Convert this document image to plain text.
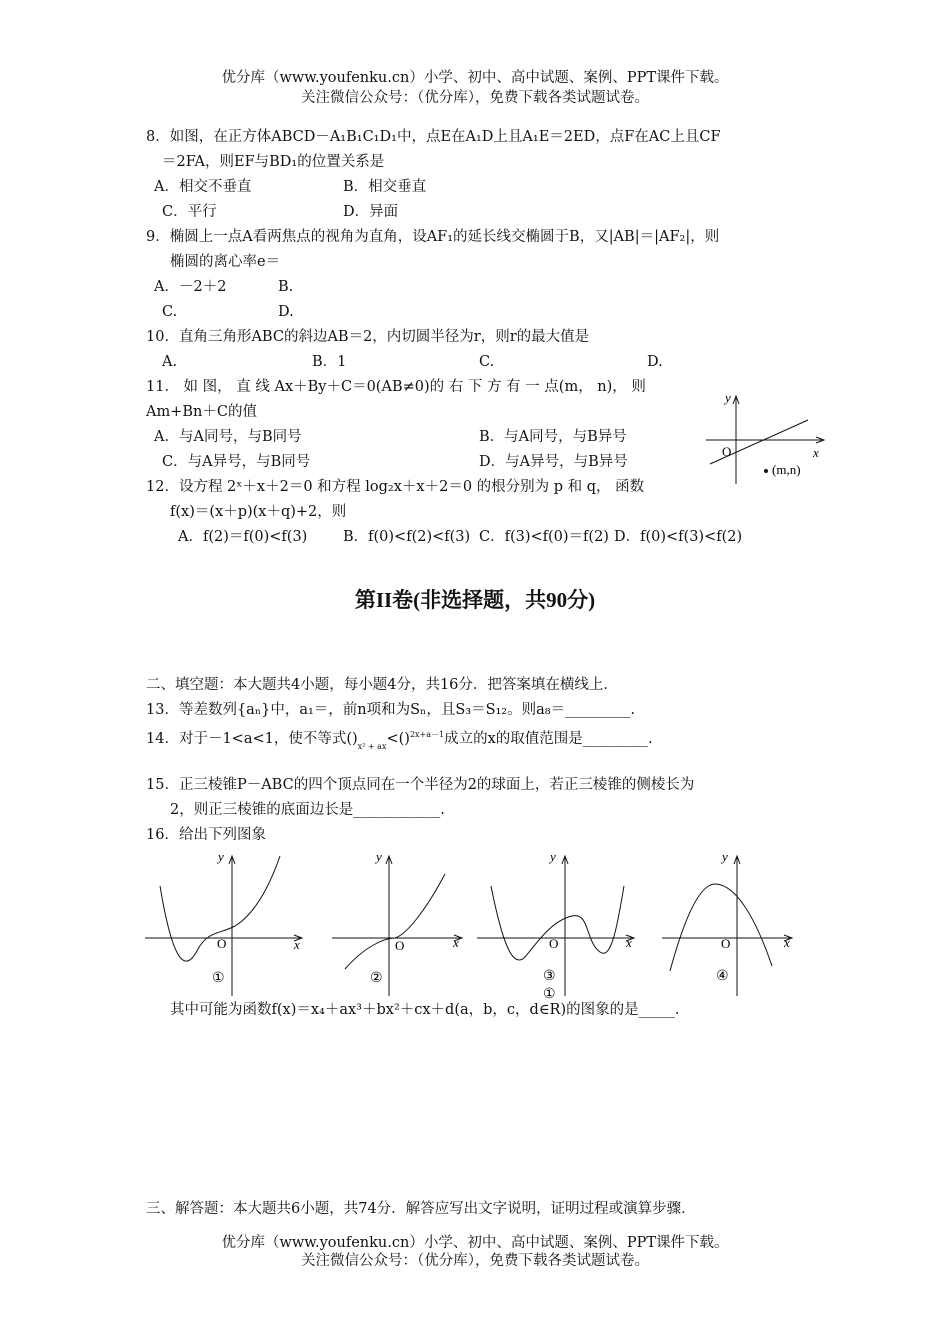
优分库（www.youfenku.cn）小学、初中、高中试题、案例、PPT课件下载。
关注微信公众号：（优分库），免费下载各类试题试卷。
8．如图，在正方体ABCD－A₁B₁C₁D₁中，点E在A₁D上且A₁E＝2ED，点F在AC上且CF
＝2FA，则EF与BD₁的位置关系是
A．相交不垂直	B．相交垂直
C．平行	D．异面
9．椭圆上一点A看两焦点的视角为直角，设AF₁的延长线交椭圆于B，又|AB|＝|AF₂|，则
椭圆的离心率e＝
A．－2＋2	B.
C.	D.
10．直角三角形ABC的斜边AB＝2，内切圆半径为r，则r的最大值是
A.	B．1	C.	D.
11． 如 图， 直 线 Ax＋By＋C＝0(AB≠0)的 右 下 方 有 一 点(m， n)， 则
Am+Bn＋C的值
A．与A同号，与B同号	B．与A同号，与B异号
C．与A异号，与B同号	D．与A异号，与B异号
y
x
O
(m,n)
12．设方程 2ˣ＋x＋2＝0 和方程 log₂x＋x＋2＝0 的根分别为 p 和 q， 函数
f(x)＝(x＋p)(x＋q)+2，则
A．f(2)＝f(0)<f(3) B．f(0)<f(2)<f(3) C．f(3)<f(0)＝f(2) D．f(0)<f(3)<f(2)
第II卷(非选择题，共90分)
二、填空题：本大题共4小题，每小题4分，共16分．把答案填在横线上．
13．等差数列{aₙ}中，a₁＝，前n项和为Sₙ，且S₃＝S₁₂。则a₈＝_________.
14．对于－1<a<1，使不等式$()_{x^2 + ax}<()^{2x+a-1}$成立的x的取值范围是_________.
15．正三棱锥P－ABC的四个顶点同在一个半径为2的球面上，若正三棱锥的侧棱长为
2，则正三棱锥的底面边长是____________.
16．给出下列图象
y
x
O
①
y
x
O
②
y
x
O
③
①
y
x
O
④
其中可能为函数f(x)＝x₄＋ax³＋bx²＋cx＋d(a，b，c，d∈R)的图象的是_____.
三、解答题：本大题共6小题，共74分．解答应写出文字说明，证明过程或演算步骤．
优分库（www.youfenku.cn）小学、初中、高中试题、案例、PPT课件下载。
关注微信公众号：（优分库），免费下载各类试题试卷。
